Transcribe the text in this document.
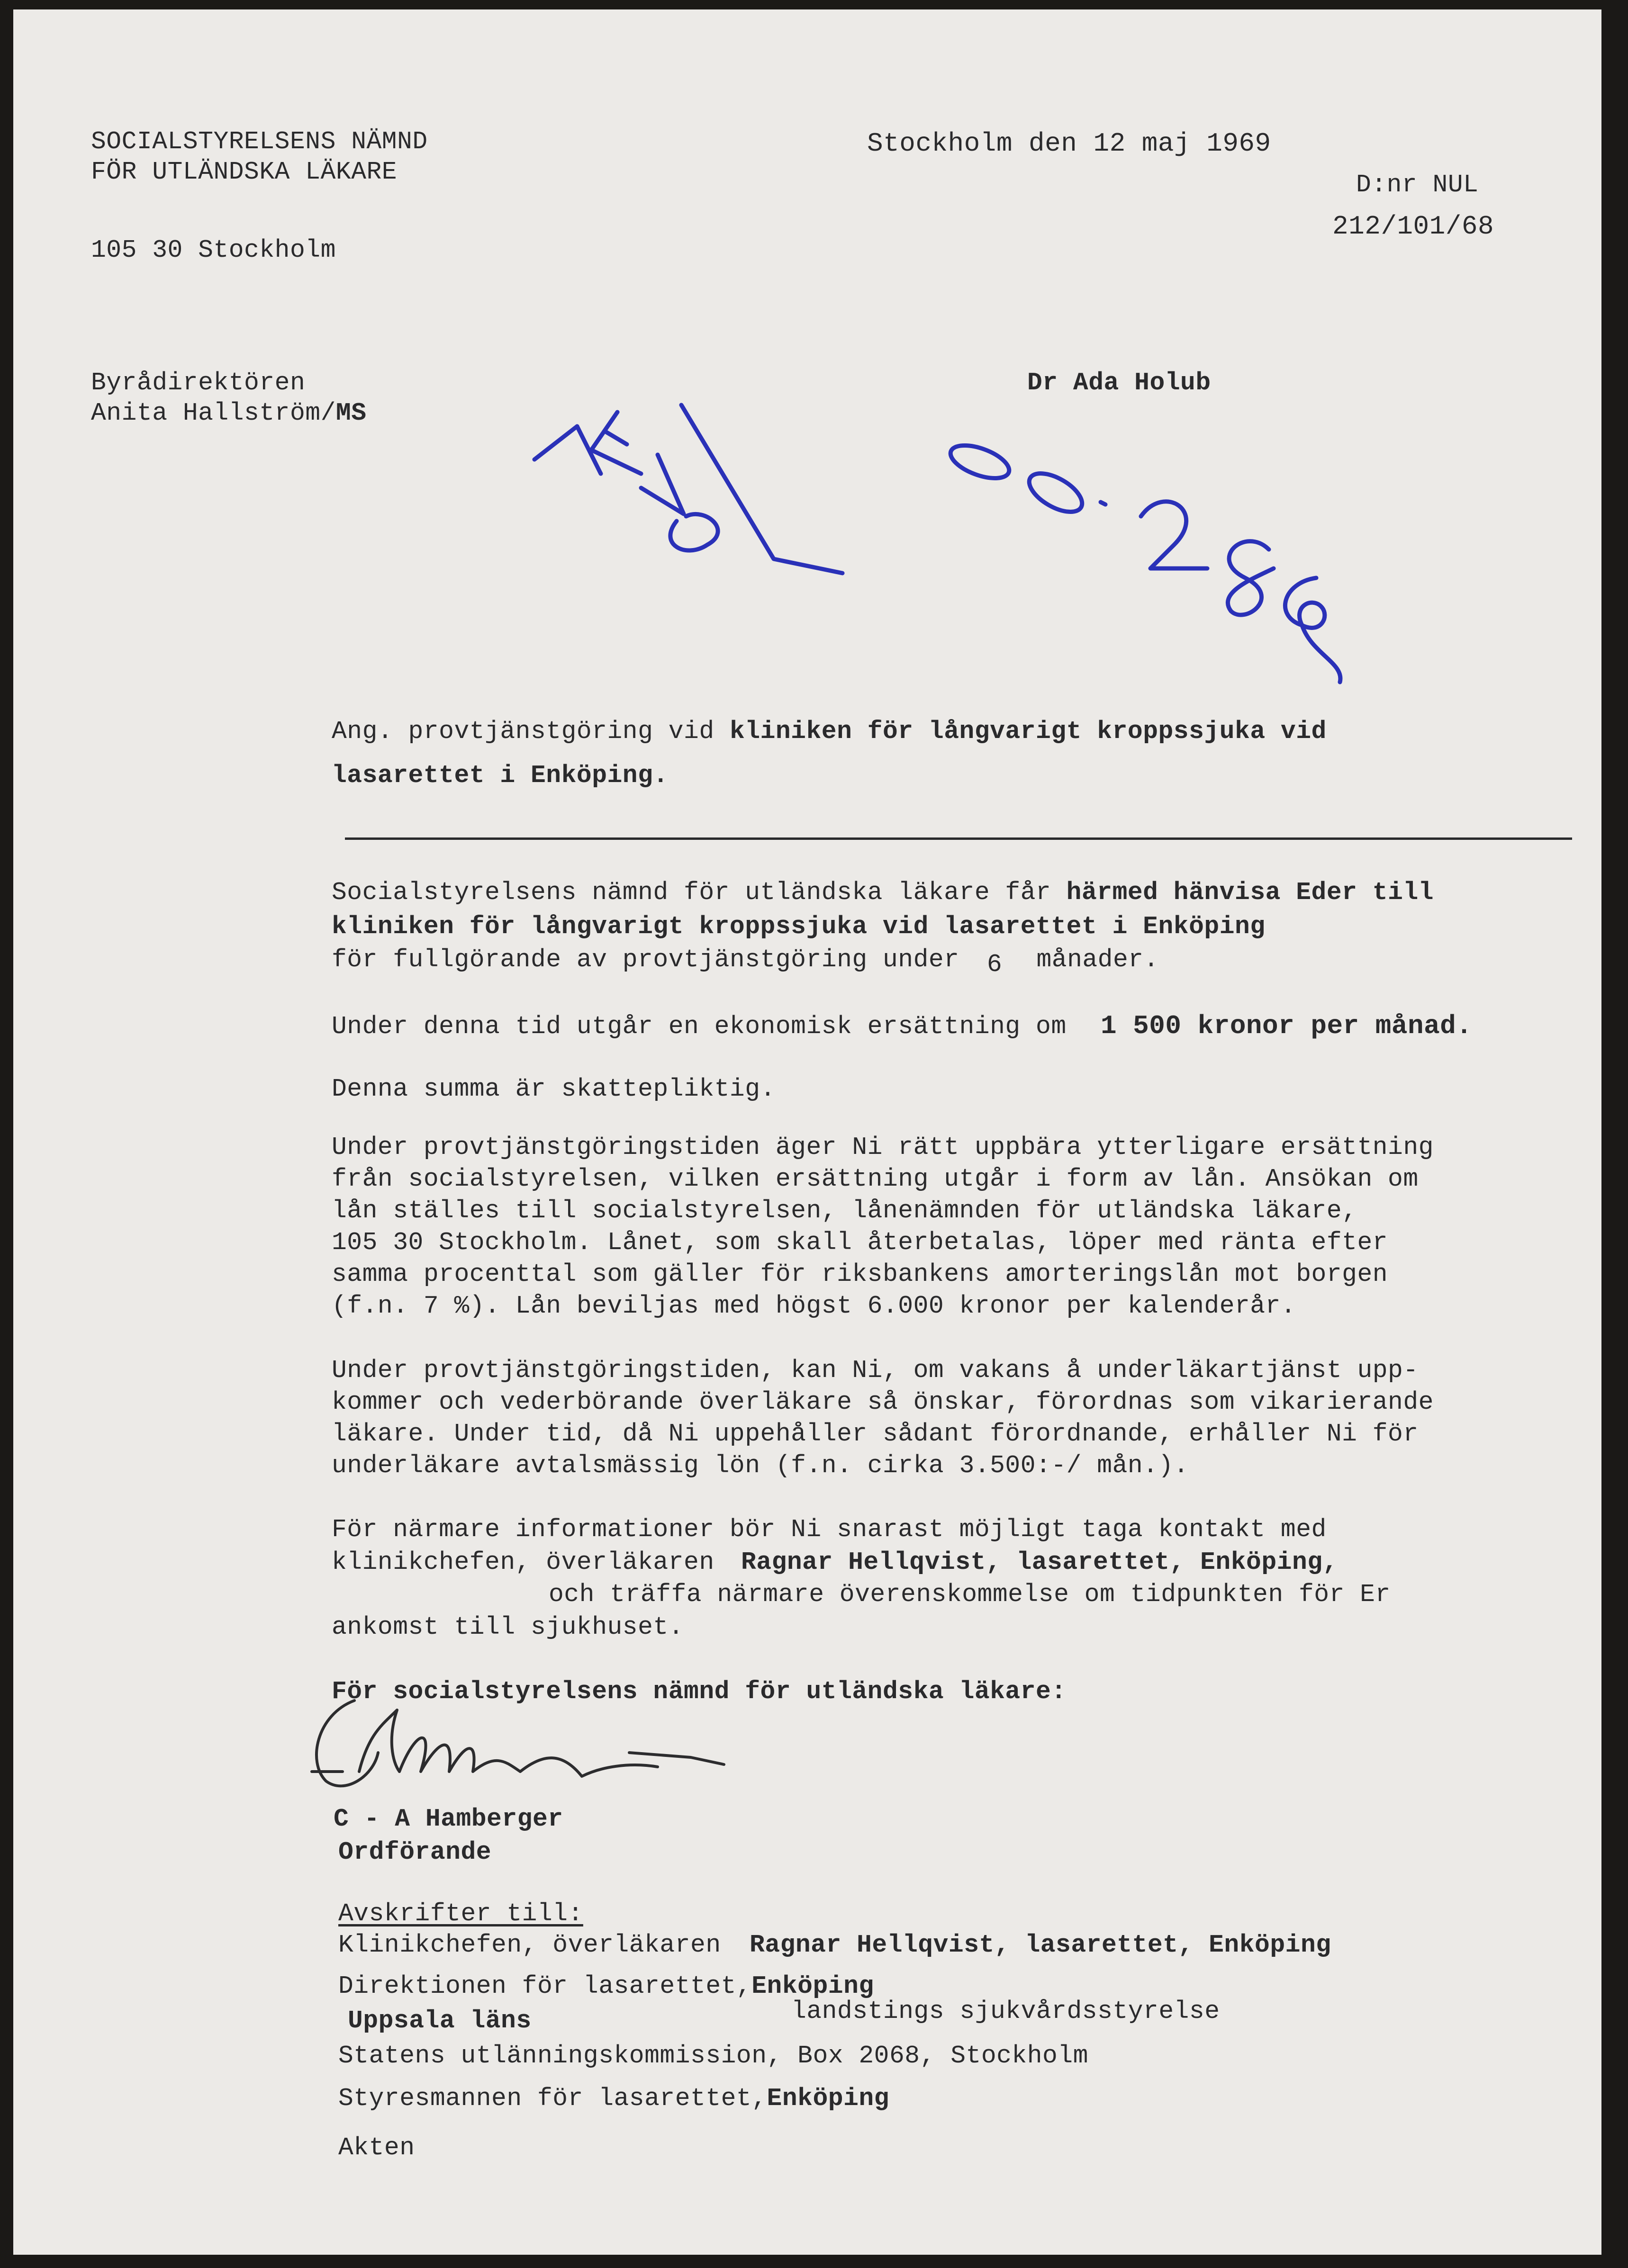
SOCIALSTYRELSENS NÄMND
FÖR UTLÄNDSKA LÄKARE
105 30 Stockholm
Stockholm den 12 maj 1969
D:nr NUL
212/101/68
Byrådirektören
Anita Hallström/MS
Dr Ada Holub
Ang. provtjänstgöring vid kliniken för långvarigt kroppssjuka vid
lasarettet i Enköping.
Socialstyrelsens nämnd för utländska läkare får härmed hänvisa Eder till
kliniken för långvarigt kroppssjuka vid lasarettet i Enköping
för fullgörande av provtjänstgöring under 6 månader.
Under denna tid utgår en ekonomisk ersättning om 1 500 kronor per månad.
Denna summa är skattepliktig.
Under provtjänstgöringstiden äger Ni rätt uppbära ytterligare ersättning
från socialstyrelsen, vilken ersättning utgår i form av lån. Ansökan om
lån ställes till socialstyrelsen, lånenämnden för utländska läkare,
105 30 Stockholm. Lånet, som skall återbetalas, löper med ränta efter
samma procenttal som gäller för riksbankens amorteringslån mot borgen
(f.n. 7 %). Lån beviljas med högst 6.000 kronor per kalenderår.
Under provtjänstgöringstiden, kan Ni, om vakans å underläkartjänst upp-
kommer och vederbörande överläkare så önskar, förordnas som vikarierande
läkare. Under tid, då Ni uppehåller sådant förordnande, erhåller Ni för
underläkare avtalsmässig lön (f.n. cirka 3.500:-/ mån.).
För närmare informationer bör Ni snarast möjligt taga kontakt med
klinikchefen, överläkaren Ragnar Hellqvist, lasarettet, Enköping,
och träffa närmare överenskommelse om tidpunkten för Er
ankomst till sjukhuset.
För socialstyrelsens nämnd för utländska läkare:
C - A Hamberger
Ordförande
Avskrifter till:
Klinikchefen, överläkaren Ragnar Hellqvist, lasarettet, Enköping
Direktionen för lasarettet,Enköping
Uppsala läns	landstings sjukvårdsstyrelse
Statens utlänningskommission, Box 2068, Stockholm
Styresmannen för lasarettet,Enköping
Akten
